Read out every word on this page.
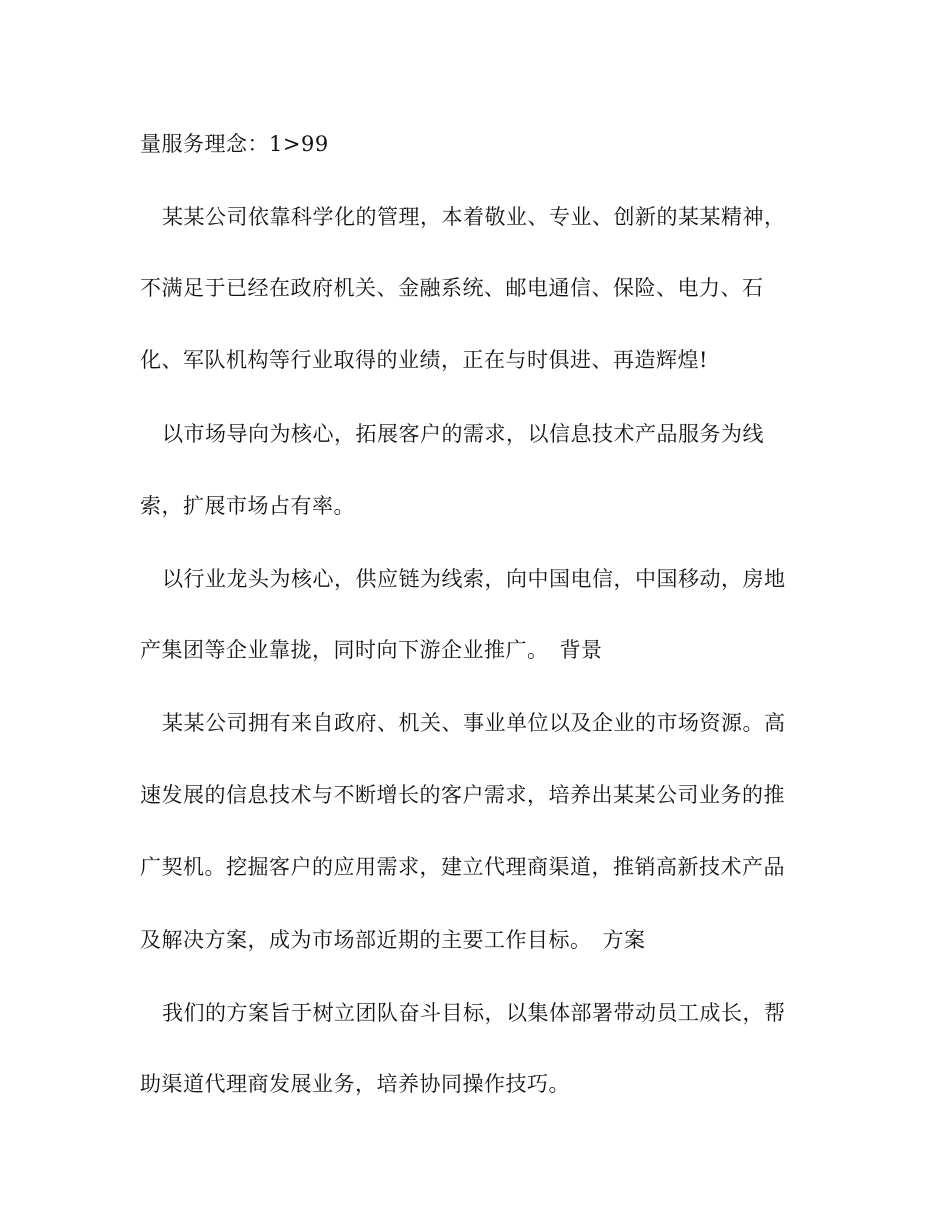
量服务理念：1>99
某某公司依靠科学化的管理，本着敬业、专业、创新的某某精神，
不满足于已经在政府机关、金融系统、邮电通信、保险、电力、石
化、军队机构等行业取得的业绩，正在与时俱进、再造辉煌!
以市场导向为核心，拓展客户的需求，以信息技术产品服务为线
索，扩展市场占有率。
以行业龙头为核心，供应链为线索，向中国电信，中国移动，房地
产集团等企业靠拢，同时向下游企业推广。　背景
某某公司拥有来自政府、机关、事业单位以及企业的市场资源。高
速发展的信息技术与不断增长的客户需求，培养出某某公司业务的推
广契机。挖掘客户的应用需求，建立代理商渠道，推销高新技术产品
及解决方案，成为市场部近期的主要工作目标。　方案
我们的方案旨于树立团队奋斗目标，以集体部署带动员工成长，帮
助渠道代理商发展业务，培养协同操作技巧。
